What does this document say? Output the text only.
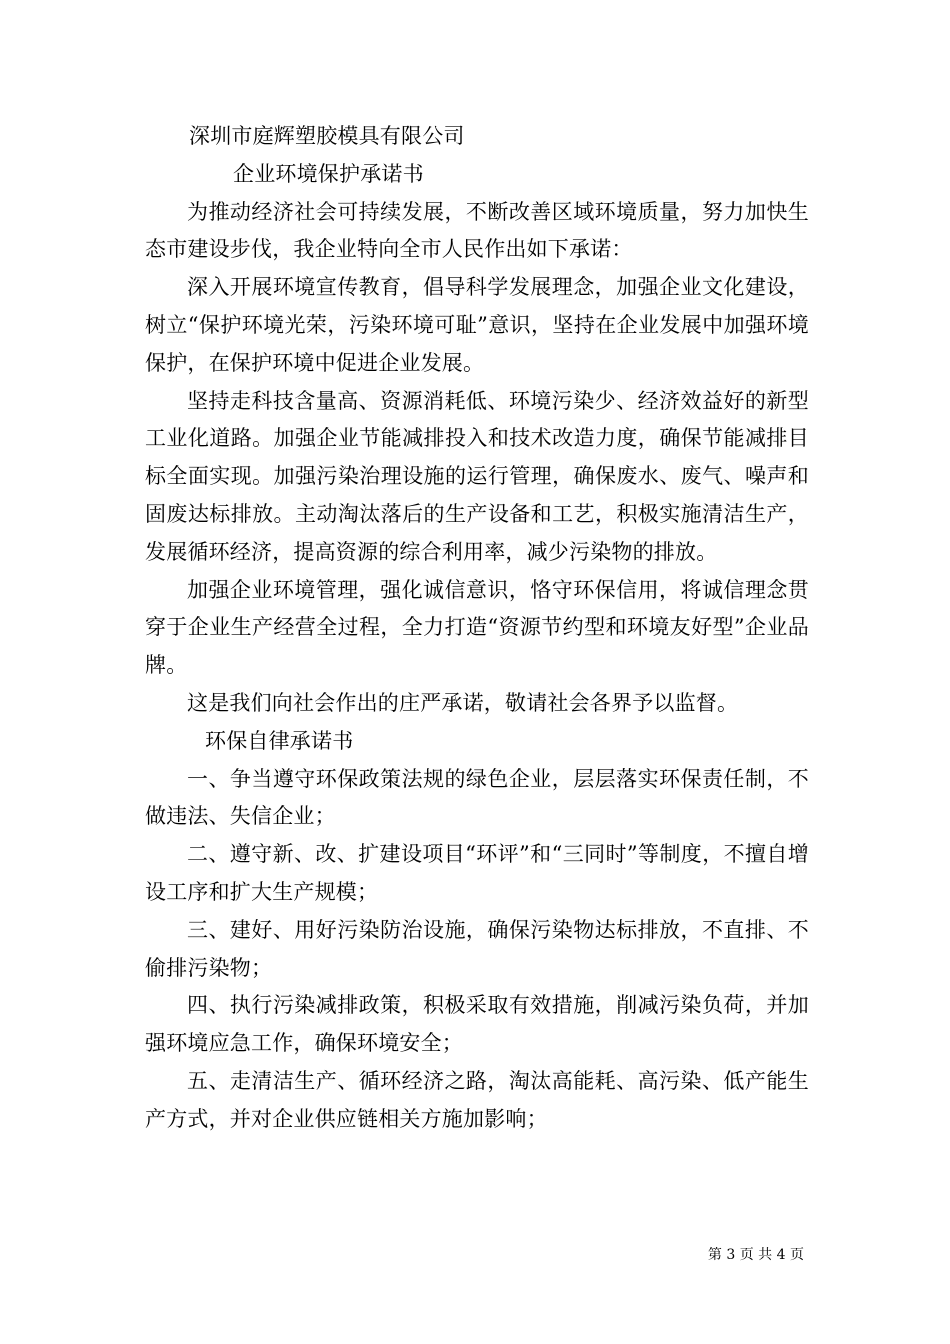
深圳市庭辉塑胶模具有限公司

企业环境保护承诺书

为推动经济社会可持续发展，不断改善区域环境质量，努力加快生态市建设步伐，我企业特向全市人民作出如下承诺：

深入开展环境宣传教育，倡导科学发展理念，加强企业文化建设，树立“保护环境光荣，污染环境可耻”意识，坚持在企业发展中加强环境保护，在保护环境中促进企业发展。

坚持走科技含量高、资源消耗低、环境污染少、经济效益好的新型工业化道路。加强企业节能减排投入和技术改造力度，确保节能减排目标全面实现。加强污染治理设施的运行管理，确保废水、废气、噪声和固废达标排放。主动淘汰落后的生产设备和工艺，积极实施清洁生产，发展循环经济，提高资源的综合利用率，减少污染物的排放。

加强企业环境管理，强化诚信意识，恪守环保信用，将诚信理念贯穿于企业生产经营全过程，全力打造“资源节约型和环境友好型”企业品牌。

这是我们向社会作出的庄严承诺，敬请社会各界予以监督。

环保自律承诺书

一、争当遵守环保政策法规的绿色企业，层层落实环保责任制，不做违法、失信企业；

二、遵守新、改、扩建设项目“环评”和“三同时”等制度，不擅自增设工序和扩大生产规模；

三、建好、用好污染防治设施，确保污染物达标排放，不直排、不偷排污染物；

四、执行污染减排政策，积极采取有效措施，削减污染负荷，并加强环境应急工作，确保环境安全；

五、走清洁生产、循环经济之路，淘汰高能耗、高污染、低产能生产方式，并对企业供应链相关方施加影响；

第 3 页 共 4 页
